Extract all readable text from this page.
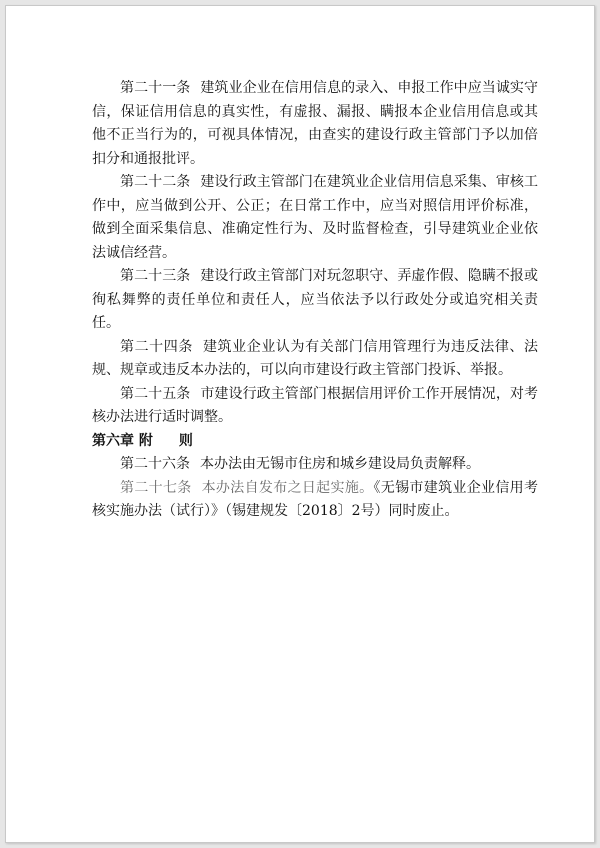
第二十一条 建筑业企业在信用信息的录入、申报工作中应当诚实守信，保证信用信息的真实性，有虚报、漏报、瞒报本企业信用信息或其他不正当行为的，可视具体情况，由查实的建设行政主管部门予以加倍扣分和通报批评。

第二十二条 建设行政主管部门在建筑业企业信用信息采集、审核工作中，应当做到公开、公正；在日常工作中，应当对照信用评价标准，做到全面采集信息、准确定性行为、及时监督检查，引导建筑业企业依法诚信经营。

第二十三条 建设行政主管部门对玩忽职守、弄虚作假、隐瞒不报或徇私舞弊的责任单位和责任人，应当依法予以行政处分或追究相关责任。

第二十四条 建筑业企业认为有关部门信用管理行为违反法律、法规、规章或违反本办法的，可以向市建设行政主管部门投诉、举报。

第二十五条 市建设行政主管部门根据信用评价工作开展情况，对考核办法进行适时调整。

第六章 附 则

第二十六条 本办法由无锡市住房和城乡建设局负责解释。

第二十七条 本办法自发布之日起实施。《无锡市建筑业企业信用考核实施办法（试行）》（锡建规发〔2018〕2号）同时废止。
